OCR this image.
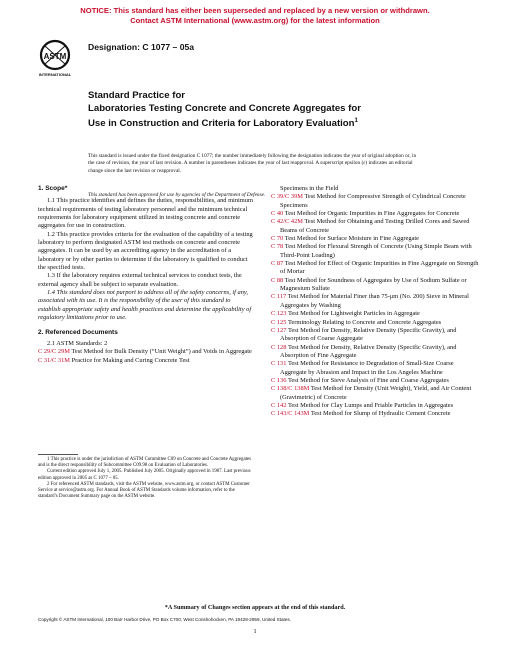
NOTICE: This standard has either been superseded and replaced by a new version or withdrawn.
Contact ASTM International (www.astm.org) for the latest information
ASTM
INTERNATIONAL
Designation: C 1077 – 05a
Standard Practice for
Laboratories Testing Concrete and Concrete Aggregates for
Use in Construction and Criteria for Laboratory Evaluation$^1$
This standard is issued under the fixed designation C 1077; the number immediately following the designation indicates the year of original adoption or, in the case of revision, the year of last revision. A number in parentheses indicates the year of last reapproval. A superscript epsilon (ε) indicates an editorial change since the last revision or reapproval.
This standard has been approved for use by agencies of the Department of Defense.

1. Scope*

1.1 This practice identifies and defines the duties, responsibilities, and minimum technical requirements of testing laboratory personnel and the minimum technical requirements for laboratory equipment utilized in testing concrete and concrete aggregates for use in construction.

1.2 This practice provides criteria for the evaluation of the capability of a testing laboratory to perform designated ASTM test methods on concrete and concrete aggregates. It can be used by an accrediting agency in the accreditation of a laboratory or by other parties to determine if the laboratory is qualified to conduct the specified tests.

1.3 If the laboratory requires external technical services to conduct tests, the external agency shall be subject to separate evaluation.

1.4 This standard does not purport to address all of the safety concerns, if any, associated with its use. It is the responsibility of the user of this standard to establish appropriate safety and health practices and determine the applicability of regulatory limitations prior to use.

2. Referenced Documents

2.1 ASTM Standards: 2

C 29/C 29M Test Method for Bulk Density (“Unit Weight”) and Voids in Aggregate

C 31/C 31M Practice for Making and Curing Concrete Test

Specimens in the Field

C 39/C 39M Test Method for Compressive Strength of Cylindrical Concrete Specimens

C 40 Test Method for Organic Impurities in Fine Aggregates for Concrete

C 42/C 42M Test Method for Obtaining and Testing Drilled Cores and Sawed Beams of Concrete

C 70 Test Method for Surface Moisture in Fine Aggregate

C 78 Test Method for Flexural Strength of Concrete (Using Simple Beam with Third-Point Loading)

C 87 Test Method for Effect of Organic Impurities in Fine Aggregate on Strength of Mortar

C 88 Test Method for Soundness of Aggregates by Use of Sodium Sulfate or Magnesium Sulfate

C 117 Test Method for Material Finer than 75-μm (No. 200) Sieve in Mineral Aggregates by Washing

C 123 Test Method for Lightweight Particles in Aggregate

C 125 Terminology Relating to Concrete and Concrete Aggregates

C 127 Test Method for Density, Relative Density (Specific Gravity), and Absorption of Coarse Aggregate

C 128 Test Method for Density, Relative Density (Specific Gravity), and Absorption of Fine Aggregate

C 131 Test Method for Resistance to Degradation of Small-Size Coarse Aggregate by Abrasion and Impact in the Los Angeles Machine

C 136 Test Method for Sieve Analysis of Fine and Coarse Aggregates

C 138/C 138M Test Method for Density (Unit Weight), Yield, and Air Content (Gravimetric) of Concrete

C 142 Test Method for Clay Lumps and Friable Particles in Aggregates

C 143/C 143M Test Method for Slump of Hydraulic Cement Concrete

1 This practice is under the jurisdiction of ASTM Committee C09 on Concrete and Concrete Aggregates and is the direct responsibility of Subcommittee C09.98 on Evaluation of Laboratories.

Current edition approved July 1, 2005. Published July 2005. Originally approved in 1987. Last previous edition approved in 2005 as C 1077 – 05.

2 For referenced ASTM standards, visit the ASTM website, www.astm.org, or contact ASTM Customer Service at service@astm.org. For Annual Book of ASTM Standards volume information, refer to the standard’s Document Summary page on the ASTM website.

*A Summary of Changes section appears at the end of this standard.
Copyright © ASTM International, 100 Barr Harbor Drive, PO Box C700, West Conshohocken, PA 19428-2959, United States.
1
